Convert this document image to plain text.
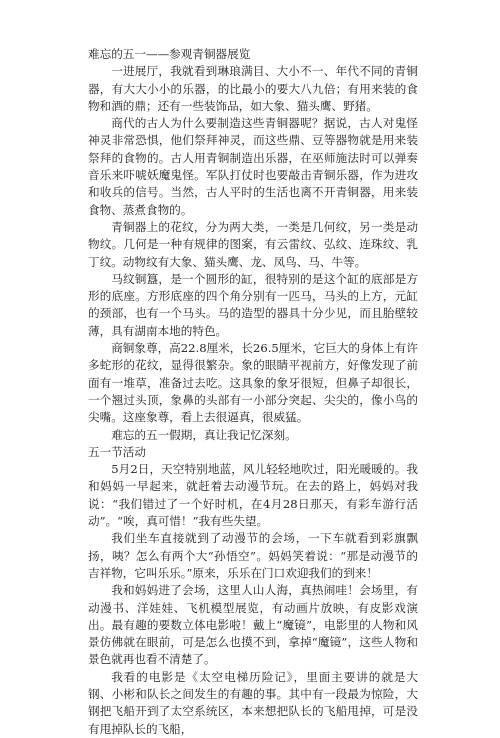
难忘的五一——参观青铜器展览

一进展厅，我就看到琳琅满目、大小不一、年代不同的青铜器，有大大小小的乐器，的比最小的要大八九倍；有用来装的食物和酒的鼎；还有一些装饰品，如大象、猫头鹰、野猪。

商代的古人为什么要制造这些青铜器呢？据说，古人对鬼怪神灵非常恐惧，他们祭拜神灵，而这些鼎、豆等器物就是用来装祭拜的食物的。古人用青铜制造出乐器，在巫师施法时可以弹奏音乐来吓唬妖魔鬼怪。军队打仗时也要敲击青铜乐器，作为进攻和收兵的信号。当然，古人平时的生活也离不开青铜器，用来装食物、蒸煮食物的。

青铜器上的花纹，分为两大类，一类是几何纹，另一类是动物纹。几何是一种有规律的图案，有云雷纹、弘纹、连珠纹、乳丁纹。动物纹有大象、猫头鹰、龙、凤鸟、马、牛等。

马纹铜簋，是一个圆形的缸，很特别的是这个缸的底部是方形的底座。方形底座的四个角分别有一匹马，马头的上方，元缸的颈部，也有一个马头。马的造型的器具十分少见，而且胎壁较薄，具有湖南本地的特色。

商铜象尊，高22.8厘米，长26.5厘米，它巨大的身体上有许多蛇形的花纹，显得很繁杂。象的眼睛平视前方，好像发现了前面有一堆草，准备过去吃。这具象的象牙很短，但鼻子却很长，一个翘过头顶，象鼻的头部有一小部分突起、尖尖的，像小鸟的尖嘴。这座象尊，看上去很逼真，很威猛。

难忘的五一假期，真让我记忆深刻。

五一节活动

5月2日，天空特别地蓝，风儿轻轻地吹过，阳光暖暖的。我和妈妈一早起来，就赶着去动漫节玩。在去的路上，妈妈对我说：“我们错过了一个好时机，在4月28日那天，有彩车游行活动”。“唉，真可惜！”我有些失望。

我们坐车直接就到了动漫节的会场，一下车就看到彩旗飘扬，咦？怎么有两个大“孙悟空”。妈妈笑着说：“那是动漫节的吉祥物，它叫乐乐。”原来，乐乐在门口欢迎我们的到来！

我和妈妈进了会场，这里人山人海，真热闹哇！会场里，有动漫书、洋娃娃、飞机模型展览，有动画片放映，有皮影戏演出。最有趣的要数立体电影啦！戴上“魔镜”，电影里的人物和风景仿佛就在眼前，可是怎么也摸不到，拿掉“魔镜”，这些人物和景色就再也看不清楚了。

我看的电影是《太空电梯历险记》，里面主要讲的就是大钢、小彬和队长之间发生的有趣的事。其中有一段最为惊险，大钢把飞船开到了太空系统区，本来想把队长的飞船甩掉，可是没有甩掉队长的飞船，
